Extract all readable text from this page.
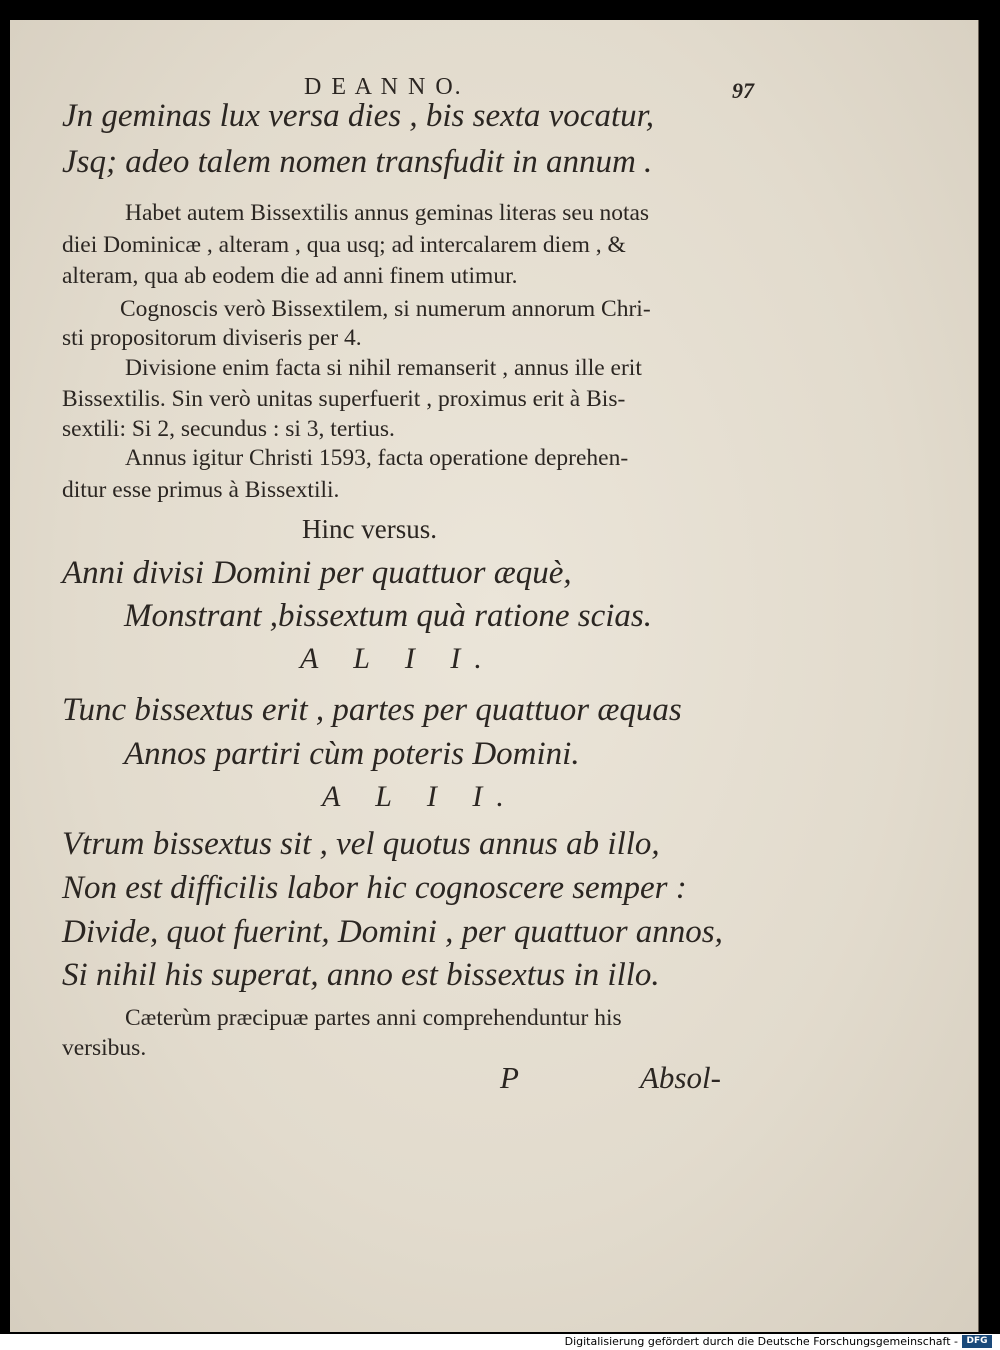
D E A N N O.	97
Jn geminas lux versa dies , bis sexta vocatur,
Jsq; adeo talem nomen transfudit in annum .
Habet autem Bissextilis annus geminas literas seu notas
diei Dominicæ , alteram , qua usq; ad intercalarem diem , &
alteram, qua ab eodem die ad anni finem utimur.
Cognoscis verò Bissextilem, si numerum annorum Chri-
sti propositorum diviseris per 4.
Divisione enim facta si nihil remanserit , annus ille erit
Bissextilis. Sin verò unitas superfuerit , proximus erit à Bis-
sextili: Si 2, secundus : si 3, tertius.
Annus igitur Christi 1593, facta operatione deprehen-
ditur esse primus à Bissextili.
Hinc versus.
Anni divisi Domini per quattuor æquè,
Monstrant ,bissextum quà ratione scias.
A L I I.
Tunc bissextus erit , partes per quattuor æquas
Annos partiri cùm poteris Domini.
A L I I.
Vtrum bissextus sit , vel quotus annus ab illo,
Non est difficilis labor hic cognoscere semper :
Divide, quot fuerint, Domini , per quattuor annos,
Si nihil his superat, anno est bissextus in illo.
Cæterùm præcipuæ partes anni comprehenduntur his
versibus.
P	Absol-
Digitalisierung gefördert durch die Deutsche Forschungsgemeinschaft - DFG
